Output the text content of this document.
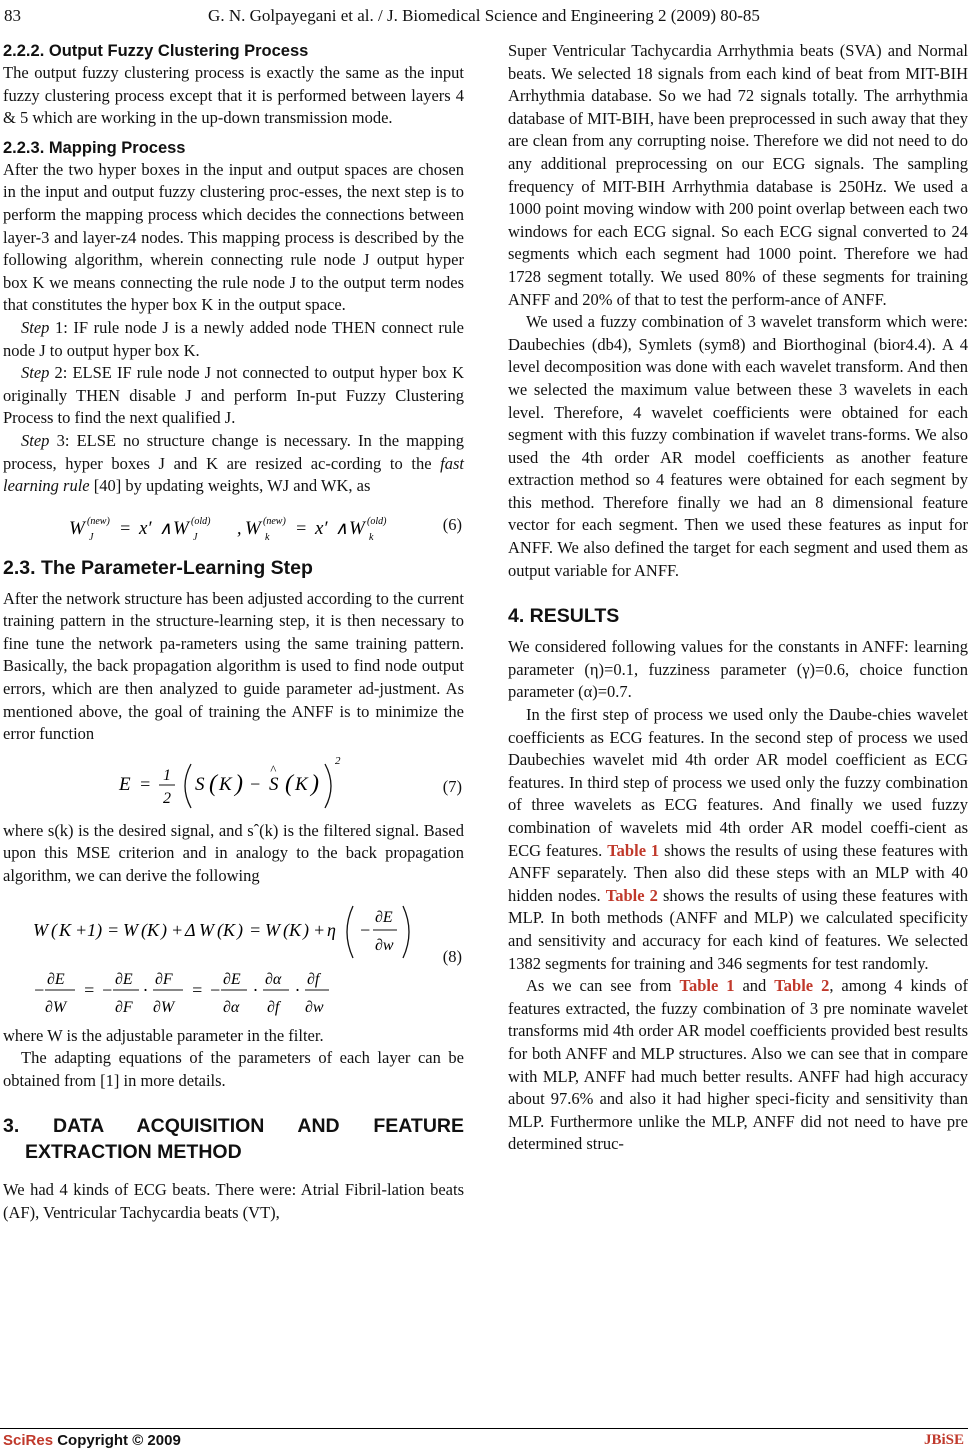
83	G. N. Golpayegani et al. / J. Biomedical Science and Engineering 2 (2009) 80-85
2.2.2. Output Fuzzy Clustering Process

The output fuzzy clustering process is exactly the same as the input fuzzy clustering process except that it is performed between layers 4 & 5 which are working in the up-down transmission mode.

2.2.3. Mapping Process

After the two hyper boxes in the input and output spaces are chosen in the input and output fuzzy clustering proc-esses, the next step is to perform the mapping process which decides the connections between layer-3 and layer-z4 nodes. This mapping process is described by the following algorithm, wherein connecting rule node J output hyper box K we means connecting the rule node J to the output term nodes that constitutes the hyper box K in the output space.

Step 1: IF rule node J is a newly added node THEN connect rule node J to output hyper box K.

Step 2: ELSE IF rule node J not connected to output hyper box K originally THEN disable J and perform In-put Fuzzy Clustering Process to find the next qualified J.

Step 3: ELSE no structure change is necessary. In the mapping process, hyper boxes J and K are resized ac-cording to the fast learning rule [40] by updating weights, WJ and WK, as

W (new)
J = x′ ∧ W (old)
J , W (new)
k = x′ ∧ W (old)
k
(6)
2.3. The Parameter-Learning Step

After the network structure has been adjusted according to the current training pattern in the structure-learning step, it is then necessary to fine tune the network pa-rameters using the same training pattern. Basically, the back propagation algorithm is used to find node output errors, which are then analyzed to guide parameter ad-justment. As mentioned above, the goal of training the ANFF is to minimize the error function

E = 1
2
S ( K ) − S
^
( K )
2
(7)

where s(k) is the desired signal, and sˆ(k) is the filtered signal. Based upon this MSE criterion and in analogy to the back propagation algorithm, we can derive the following

W ( K +1) = W ( K ) + Δ W ( K ) = W ( K ) + η −
∂E
∂w
−
∂E
∂W
= −
∂E
∂F
·
∂F
∂W
= −
∂E
∂α
·
∂α
∂f
·
∂f
∂w
(8)

where W is the adjustable parameter in the filter.

The adapting equations of the parameters of each layer can be obtained from [1] in more details.

3. DATA ACQUISITION AND FEATURE
EXTRACTION METHOD

We had 4 kinds of ECG beats. There were: Atrial Fibril-lation beats (AF), Ventricular Tachycardia beats (VT),

Super Ventricular Tachycardia Arrhythmia beats (SVA) and Normal beats. We selected 18 signals from each kind of beat from MIT-BIH Arrhythmia database. So we had 72 signals totally. The arrhythmia database of MIT-BIH, have been preprocessed in such away that they are clean from any corrupting noise. Therefore we did not need to do any additional preprocessing on our ECG signals. The sampling frequency of MIT-BIH Arrhythmia database is 250Hz. We used a 1000 point moving window with 200 point overlap between each two windows for each ECG signal. So each ECG signal converted to 24 segments which each segment had 1000 point. Therefore we had 1728 segment totally. We used 80% of these segments for training ANFF and 20% of that to test the perform-ance of ANFF.

We used a fuzzy combination of 3 wavelet transform which were: Daubechies (db4), Symlets (sym8) and Biorthoginal (bior4.4). A 4 level decomposition was done with each wavelet transform. And then we selected the maximum value between these 3 wavelets in each level. Therefore, 4 wavelet coefficients were obtained for each segment with this fuzzy combination if wavelet trans-forms. We also used the 4th order AR model coefficients as another feature extraction method so 4 features were obtained for each segment by this method. Therefore finally we had an 8 dimensional feature vector for each segment. Then we used these features as input for ANFF. We also defined the target for each segment and used them as output variable for ANFF.

4. RESULTS

We considered following values for the constants in ANFF: learning parameter (η)=0.1, fuzziness parameter (γ)=0.6, choice function parameter (α)=0.7.

In the first step of process we used only the Daube-chies wavelet coefficients as ECG features. In the second step of process we used Daubechies wavelet mid 4th order AR model coefficient as ECG features. In third step of process we used only the fuzzy combination of three wavelets as ECG features. And finally we used fuzzy combination of wavelets mid 4th order AR model coeffi-cient as ECG features. Table 1 shows the results of using these features with ANFF separately. Then also did these steps with an MLP with 40 hidden nodes. Table 2 shows the results of using these features with MLP. In both methods (ANFF and MLP) we calculated specificity and sensitivity and accuracy for each kind of features. We selected 1382 segments for training and 346 segments for test randomly.

As we can see from Table 1 and Table 2, among 4 kinds of features extracted, the fuzzy combination of 3 pre nominate wavelet transforms mid 4th order AR model coefficients provided best results for both ANFF and MLP structures. Also we can see that in compare with MLP, ANFF had much better results. ANFF had high accuracy about 97.6% and also it had higher speci-ficity and sensitivity than MLP. Furthermore unlike the MLP, ANFF did not need to have pre determined struc-

SciRes Copyright © 2009	JBiSE
